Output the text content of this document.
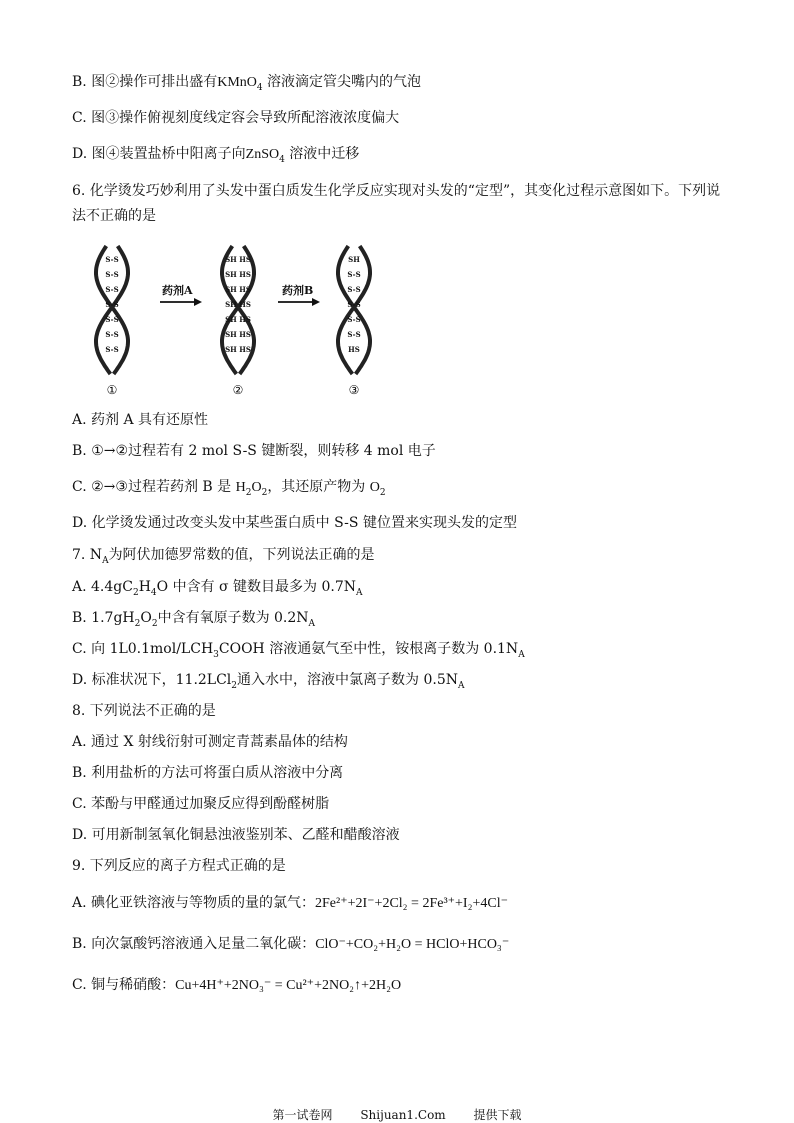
B. 图②操作可排出盛有KMnO$_4$ 溶液滴定管尖嘴内的气泡
C. 图③操作俯视刻度线定容会导致所配溶液浓度偏大
D. 图④装置盐桥中阳离子向ZnSO$_4$ 溶液中迁移
6. 化学烫发巧妙利用了头发中蛋白质发生化学反应实现对头发的“定型”，其变化过程示意图如下。下列说
法不正确的是
S-S
S-S
S-S
S-S
S-S
S-S
S-S
SH HS
SH HS
SH HS
SH HS
SH HS
SH HS
SH HS
SH
S-S
S-S
S-S
S-S
S-S
HS
药剂A	药剂B
①	②	③
A. 药剂 A 具有还原性
B. ①→②过程若有 2 mol S-S 键断裂，则转移 4 mol 电子
C. ②→③过程若药剂 B 是 $H_2O_2$，其还原产物为 $O_2$
D. 化学烫发通过改变头发中某些蛋白质中 S-S 键位置来实现头发的定型
7. $N_A$为阿伏加德罗常数的值，下列说法正确的是
A. $4.4gC_2H_4O$ 中含有 σ 键数目最多为 $0.7N_A$
B. $1.7gH_2O_2$中含有氧原子数为 $0.2N_A$
C. 向 $1L0.1mol/LCH_3COOH$ 溶液通氨气至中性，铵根离子数为 $0.1N_A$
D. 标准状况下，11.2LCl$_2$通入水中，溶液中氯离子数为 $0.5N_A$
8. 下列说法不正确的是
A. 通过 X 射线衍射可测定青蒿素晶体的结构
B. 利用盐析的方法可将蛋白质从溶液中分离
C. 苯酚与甲醛通过加聚反应得到酚醛树脂
D. 可用新制氢氧化铜悬浊液鉴别苯、乙醛和醋酸溶液
9. 下列反应的离子方程式正确的是
A. 碘化亚铁溶液与等物质的量的氯气：2Fe²⁺+2I⁻+2Cl₂ = 2Fe³⁺+I₂+4Cl⁻
B. 向次氯酸钙溶液通入足量二氧化碳：ClO⁻+CO₂+H₂O = HClO+HCO₃⁻
C. 铜与稀硝酸：Cu+4H⁺+2NO₃⁻ = Cu²⁺+2NO₂↑+2H₂O
第一试卷网 Shijuan1.Com 提供下载
